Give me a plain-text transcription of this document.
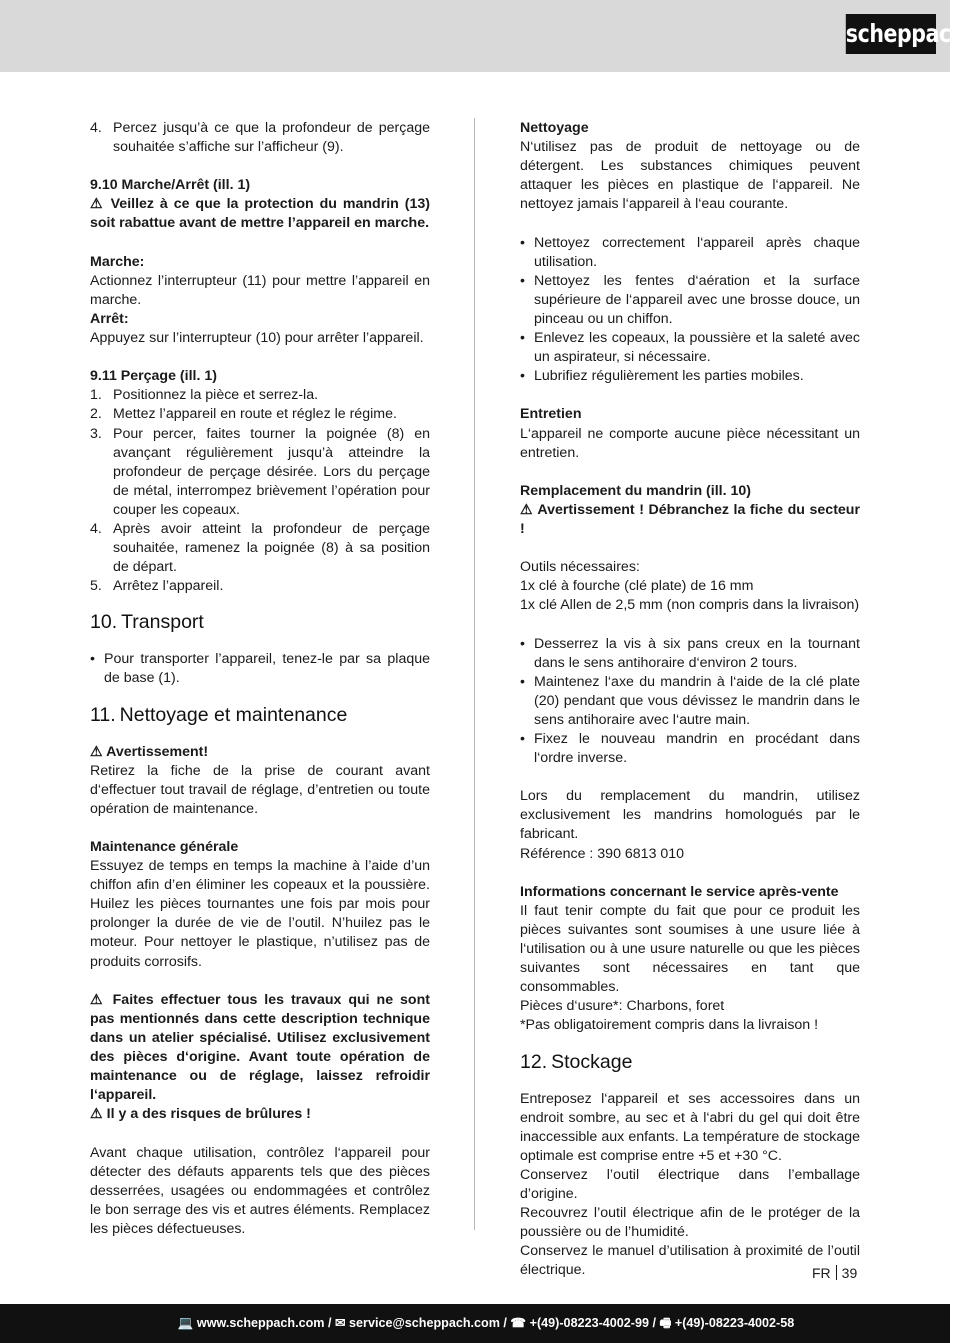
scheppach
4. Percez jusqu’à ce que la profondeur de perçage souhaitée s’affiche sur l’afficheur (9).

9.10 Marche/Arrêt (ill. 1)

⚠ Veillez à ce que la protection du mandrin (13) soit rabattue avant de mettre l’appareil en marche.

Marche:

Actionnez l’interrupteur (11) pour mettre l’appareil en marche.

Arrêt:

Appuyez sur l’interrupteur (10) pour arrêter l’appareil.

9.11 Perçage (ill. 1)

1. Positionnez la pièce et serrez-la.
2. Mettez l’appareil en route et réglez le régime.
3. Pour percer, faites tourner la poignée (8) en avançant régulièrement jusqu’à atteindre la profondeur de perçage désirée. Lors du perçage de métal, interrompez brièvement l’opération pour couper les copeaux.
4. Après avoir atteint la profondeur de perçage souhaitée, ramenez la poignée (8) à sa position de départ.
5. Arrêtez l’appareil.
10. Transport
• Pour transporter l’appareil, tenez-le par sa plaque de base (1).
11. Nettoyage et maintenance

⚠ Avertissement!

Retirez la fiche de la prise de courant avant d‘effectuer tout travail de réglage, d’entretien ou toute opération de maintenance.

Maintenance générale

Essuyez de temps en temps la machine à l’aide d’un chiffon afin d’en éliminer les copeaux et la poussière. Huilez les pièces tournantes une fois par mois pour prolonger la durée de vie de l’outil. N’huilez pas le moteur. Pour nettoyer le plastique, n’utilisez pas de produits corrosifs.

⚠ Faites effectuer tous les travaux qui ne sont pas mentionnés dans cette description technique dans un atelier spécialisé. Utilisez exclusivement des pièces d‘origine. Avant toute opération de maintenance ou de réglage, laissez refroidir l‘appareil.

⚠ Il y a des risques de brûlures !

Avant chaque utilisation, contrôlez l‘appareil pour détecter des défauts apparents tels que des pièces desserrées, usagées ou endommagées et contrôlez le bon serrage des vis et autres éléments. Remplacez les pièces défectueuses.

Nettoyage

N‘utilisez pas de produit de nettoyage ou de détergent. Les substances chimiques peuvent attaquer les pièces en plastique de l‘appareil. Ne nettoyez jamais l‘appareil à l‘eau courante.

• Nettoyez correctement l‘appareil après chaque utilisation.
• Nettoyez les fentes d‘aération et la surface supérieure de l‘appareil avec une brosse douce, un pinceau ou un chiffon.
• Enlevez les copeaux, la poussière et la saleté avec un aspirateur, si nécessaire.
• Lubrifiez régulièrement les parties mobiles.

Entretien

L‘appareil ne comporte aucune pièce nécessitant un entretien.

Remplacement du mandrin (ill. 10)

⚠ Avertissement ! Débranchez la fiche du secteur !

Outils nécessaires:

1x clé à fourche (clé plate) de 16 mm

1x clé Allen de 2,5 mm (non compris dans la livraison)

• Desserrez la vis à six pans creux en la tournant dans le sens antihoraire d‘environ 2 tours.
• Maintenez l‘axe du mandrin à l‘aide de la clé plate (20) pendant que vous dévissez le mandrin dans le sens antihoraire avec l‘autre main.
• Fixez le nouveau mandrin en procédant dans l‘ordre inverse.

Lors du remplacement du mandrin, utilisez exclusivement les mandrins homologués par le fabricant.

Référence : 390 6813 010

Informations concernant le service après-vente

Il faut tenir compte du fait que pour ce produit les pièces suivantes sont soumises à une usure liée à l‘utilisation ou à une usure naturelle ou que les pièces suivantes sont nécessaires en tant que consommables.

Pièces d‘usure*: Charbons, foret

*Pas obligatoirement compris dans la livraison !

12. Stockage

Entreposez l‘appareil et ses accessoires dans un endroit sombre, au sec et à l‘abri du gel qui doit être inaccessible aux enfants. La température de stockage optimale est comprise entre +5 et +30 °C.

Conservez l’outil électrique dans l’emballage d’origine.

Recouvrez l’outil électrique afin de le protéger de la poussière ou de l’humidité.

Conservez le manuel d’utilisation à proximité de l’outil électrique.	FR 39
💻 www.scheppach.com / ✉ service@scheppach.com / ☎ +(49)-08223-4002-99 / 🖷 +(49)-08223-4002-58
